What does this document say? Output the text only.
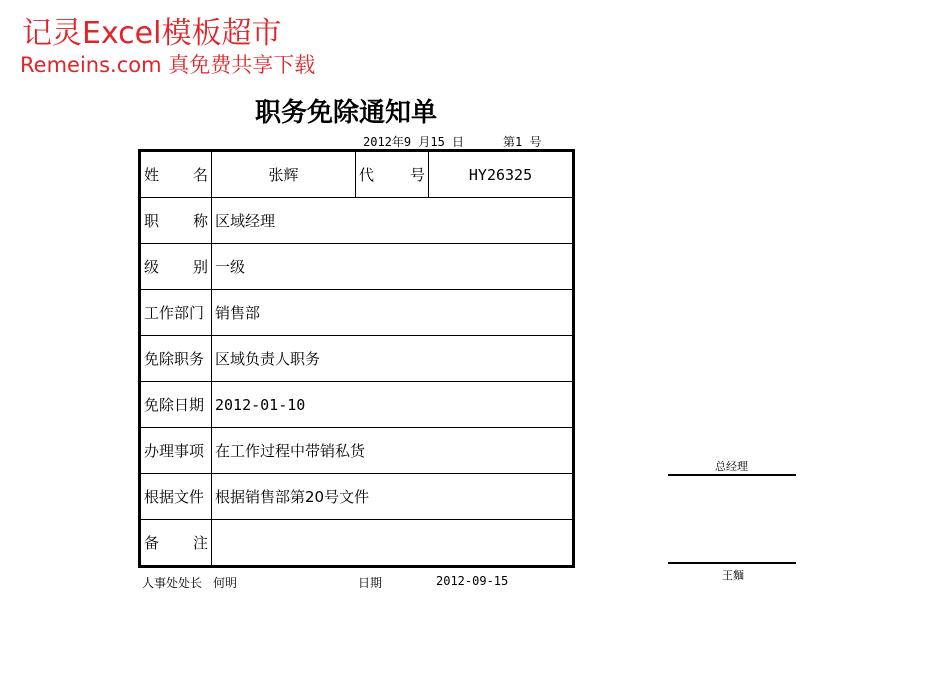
记灵Excel模板超市
Remeins.com 真免费共享下载
职务免除通知单
2012年9 月15 日	第1 号
姓 名	张辉	代 号	HY26325
职 称	区域经理		
级 别	一级		
工作部门	销售部		
免除职务	区域负责人职务		
免除日期	2012-01-10		
办理事项	在工作过程中带销私货		
根据文件	根据销售部第20号文件		
备 注			
人事处处长 何明	日期	2012-09-15
总经理
王麵
